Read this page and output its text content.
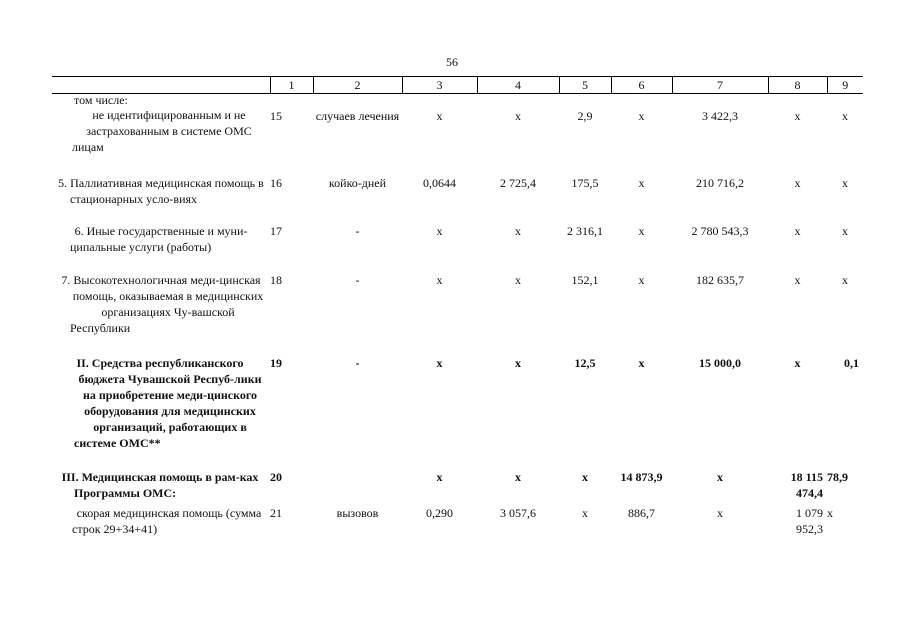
56
	1	2	3	4	5	6	7	8	9

том числе:
не идентифицированным и не застрахованным в системе ОМС лицам	15	случаев лечения	х	х	2,9	х	3 422,3	х	х

5. Паллиативная медицинская помощь в стационарных усло-виях	16	койко-дней	0,0644	2 725,4	175,5	х	210 716,2	х	х

6. Иные государственные и муни-ципальные услуги (работы)	17	-	х	х	2 316,1	х	2 780 543,3	х	х

7. Высокотехнологичная меди-цинская помощь, оказываемая в медицинских организациях Чу-вашской Республики	18	-	х	х	152,1	х	182 635,7	х	х

II. Средства республиканского бюджета Чувашской Респуб-лики на приобретение меди-цинского оборудования для медицинских организаций, работающих в системе ОМС**	19	-	х	х	12,5	х	15 000,0	х	0,1

III. Медицинская помощь в рам-ках Программы ОМС:	20		х	х	х	14 873,9	х	18 115 474,4	78,9

скорая медицинская помощь (сумма строк 29+34+41)	21	вызовов	0,290	3 057,6	х	886,7	х	1 079 952,3	х
